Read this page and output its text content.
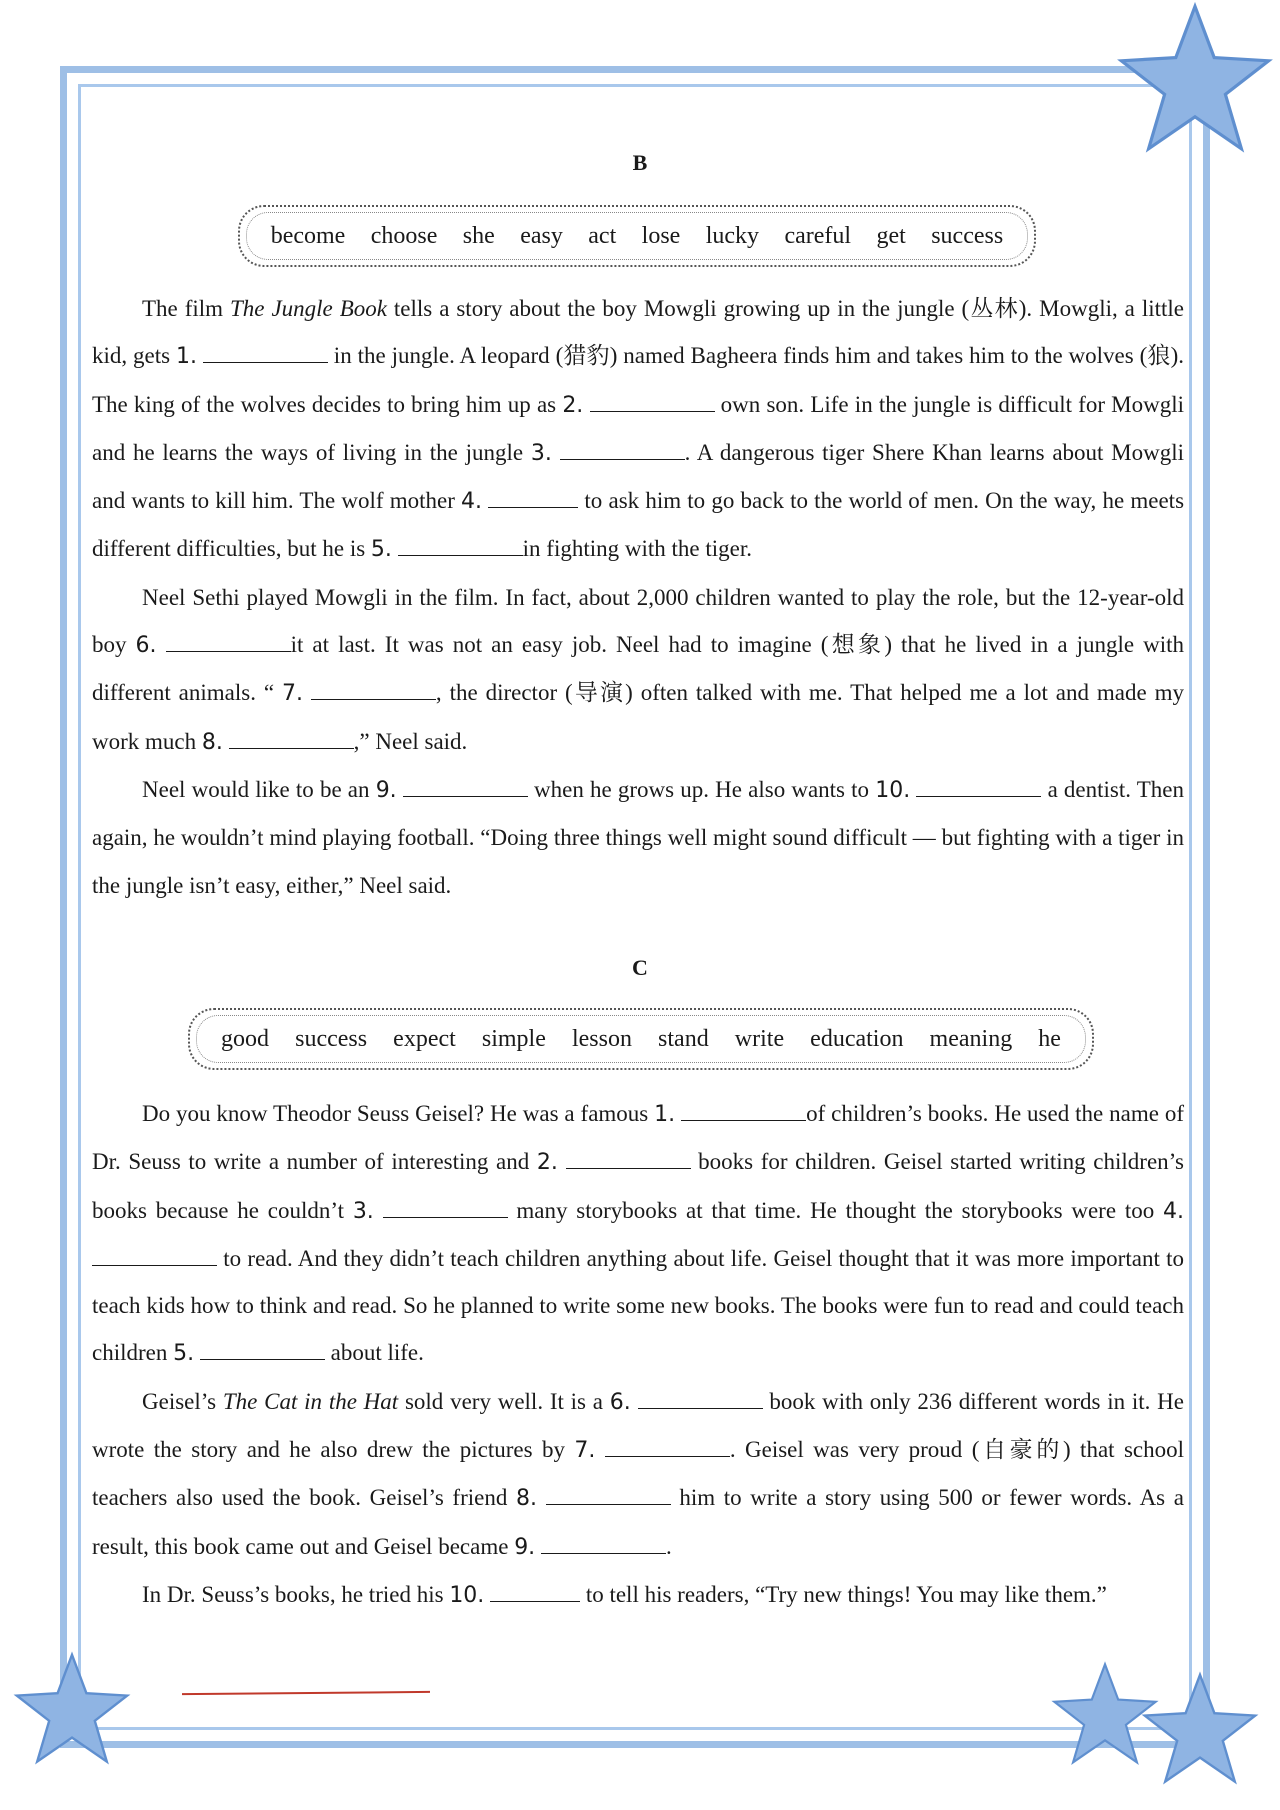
B
become choose she easy act lose lucky careful get success

The film The Jungle Book tells a story about the boy Mowgli growing up in the jungle (丛林). Mowgli, a little kid, gets 1.	in the jungle. A leopard (猎豹) named Bagheera finds him and takes him to the wolves (狼). The king of the wolves decides to bring him up as 2.	own son. Life in the jungle is difficult for Mowgli and he learns the ways of living in the jungle 3.	. A dangerous tiger Shere Khan learns about Mowgli and wants to kill him. The wolf mother 4.	to ask him to go back to the world of men. On the way, he meets different difficulties, but he is 5.	in fighting with the tiger.

Neel Sethi played Mowgli in the film. In fact, about 2,000 children wanted to play the role, but the 12-year-old boy 6.	it at last. It was not an easy job. Neel had to imagine (想象) that he lived in a jungle with different animals. “ 7.	, the director (导演) often talked with me. That helped me a lot and made my work much 8.	,” Neel said.

Neel would like to be an 9.	when he grows up. He also wants to 10.	a dentist. Then again, he wouldn’t mind playing football. “Doing three things well might sound difficult — but fighting with a tiger in the jungle isn’t easy, either,” Neel said.

C
good success expect simple lesson stand write education meaning he

Do you know Theodor Seuss Geisel? He was a famous 1.	of children’s books. He used the name of Dr. Seuss to write a number of interesting and 2.	books for children. Geisel started writing children’s books because he couldn’t 3.	many storybooks at that time. He thought the storybooks were too 4.  to read. And they didn’t teach children anything about life. Geisel thought that it was more important to teach kids how to think and read. So he planned to write some new books. The books were fun to read and could teach children 5.	about life.

Geisel’s The Cat in the Hat sold very well. It is a 6.	book with only 236 different words in it. He wrote the story and he also drew the pictures by 7.	. Geisel was very proud (自豪的) that school teachers also used the book. Geisel’s friend 8.	him to write a story using 500 or fewer words. As a result, this book came out and Geisel became 9.	.

In Dr. Seuss’s books, he tried his 10.	to tell his readers, “Try new things! You may like them.”
